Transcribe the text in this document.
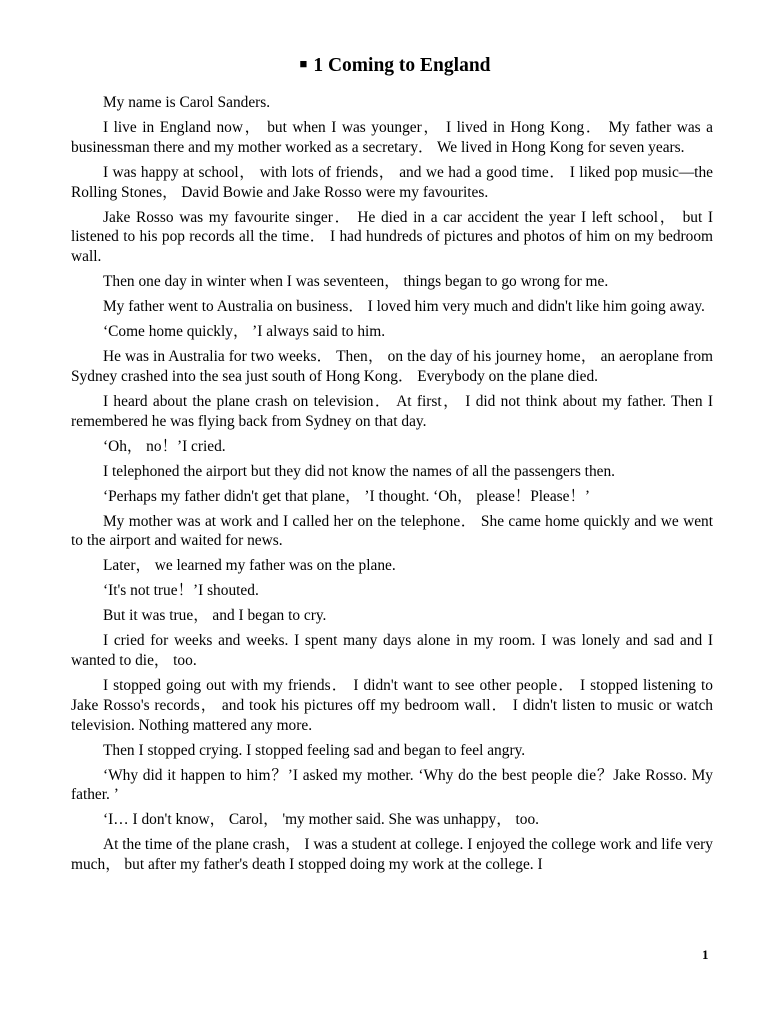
■ 1 Coming to England

My name is Carol Sanders.

I live in England now， but when I was younger， I lived in Hong Kong． My father was a businessman there and my mother worked as a secretary． We lived in Hong Kong for seven years.

I was happy at school， with lots of friends， and we had a good time． I liked pop music—the Rolling Stones， David Bowie and Jake Rosso were my favourites.

Jake Rosso was my favourite singer． He died in a car accident the year I left school， but I listened to his pop records all the time． I had hundreds of pictures and photos of him on my bedroom wall.

Then one day in winter when I was seventeen， things began to go wrong for me.

My father went to Australia on business． I loved him very much and didn't like him going away.

‘Come home quickly， ’I always said to him.

He was in Australia for two weeks． Then， on the day of his journey home， an aeroplane from Sydney crashed into the sea just south of Hong Kong． Everybody on the plane died.

I heard about the plane crash on television． At first， I did not think about my father. Then I remembered he was flying back from Sydney on that day.

‘Oh， no！’I cried.

I telephoned the airport but they did not know the names of all the passengers then.

‘Perhaps my father didn't get that plane， ’I thought. ‘Oh， please！Please！’

My mother was at work and I called her on the telephone． She came home quickly and we went to the airport and waited for news.

Later， we learned my father was on the plane.

‘It's not true！’I shouted.

But it was true， and I began to cry.

I cried for weeks and weeks. I spent many days alone in my room. I was lonely and sad and I wanted to die， too.

I stopped going out with my friends． I didn't want to see other people． I stopped listening to Jake Rosso's records， and took his pictures off my bedroom wall． I didn't listen to music or watch television. Nothing mattered any more.

Then I stopped crying. I stopped feeling sad and began to feel angry.

‘Why did it happen to him？’I asked my mother. ‘Why do the best people die？Jake Rosso. My father. ’

‘I… I don't know， Carol， 'my mother said. She was unhappy， too.

At the time of the plane crash， I was a student at college. I enjoyed the college work and life very much， but after my father's death I stopped doing my work at the college. I

1
